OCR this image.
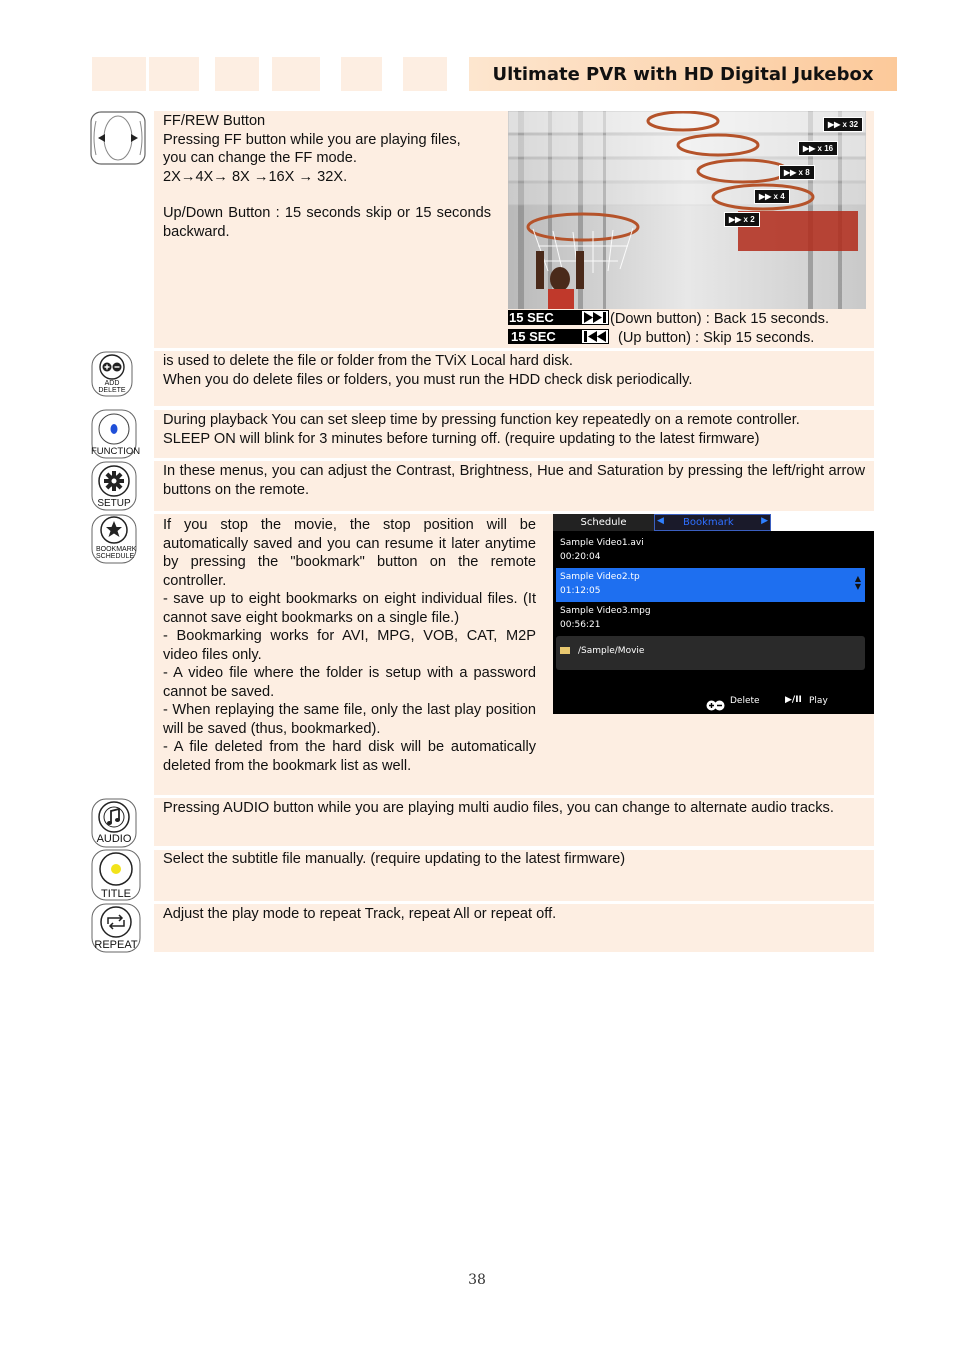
Ultimate PVR with HD Digital Jukebox
FF/REW Button
Pressing FF button while you are playing files,
you can change the FF mode.
2X→4X→ 8X →16X → 32X.
Up/Down Button : 15 seconds skip or 15 seconds backward.
▶▶ x 32
▶▶ x 16
▶▶ x 8
▶▶ x 4
▶▶ x 2
15 SEC	(Down button) : Back 15 seconds.
15 SEC	(Up button) : Skip 15 seconds.
ADD DELETE
is used to delete the file or folder from the TViX Local hard disk.
When you do delete files or folders, you must run the HDD check disk periodically.
FUNCTION
During playback You can set sleep time by pressing function key repeatedly on a remote controller.
SLEEP ON will blink for 3 minutes before turning off. (require updating to the latest firmware)
SETUP
In these menus, you can adjust the Contrast, Brightness, Hue and Saturation by pressing the left/right arrow buttons on the remote.
BOOKMARK SCHEDULE
If you stop the movie, the stop position will be automatically saved and you can resume it later anytime by pressing the "bookmark" button on the remote controller.
- save up to eight bookmarks on eight individual files. (It cannot save eight bookmarks on a single file.)
- Bookmarking works for AVI, MPG, VOB, CAT, M2P video files only.
- A video file where the folder is setup with a password cannot be saved.
- When replaying the same file, only the last play position will be saved (thus, bookmarked).
- A file deleted from the hard disk will be automatically deleted from the bookmark list as well.
Schedule	◀ Bookmark	▶
Sample Video1.avi
00:20:04
Sample Video2.tp
01:12:05
▲
▼
Sample Video3.mpg
00:56:21
/Sample/Movie
Delete	▶/II Play
AUDIO
Pressing AUDIO button while you are playing multi audio files, you can change to alternate audio tracks.
TITLE
Select the subtitle file manually. (require updating to the latest firmware)
REPEAT
Adjust the play mode to repeat Track, repeat All or repeat off.
38
